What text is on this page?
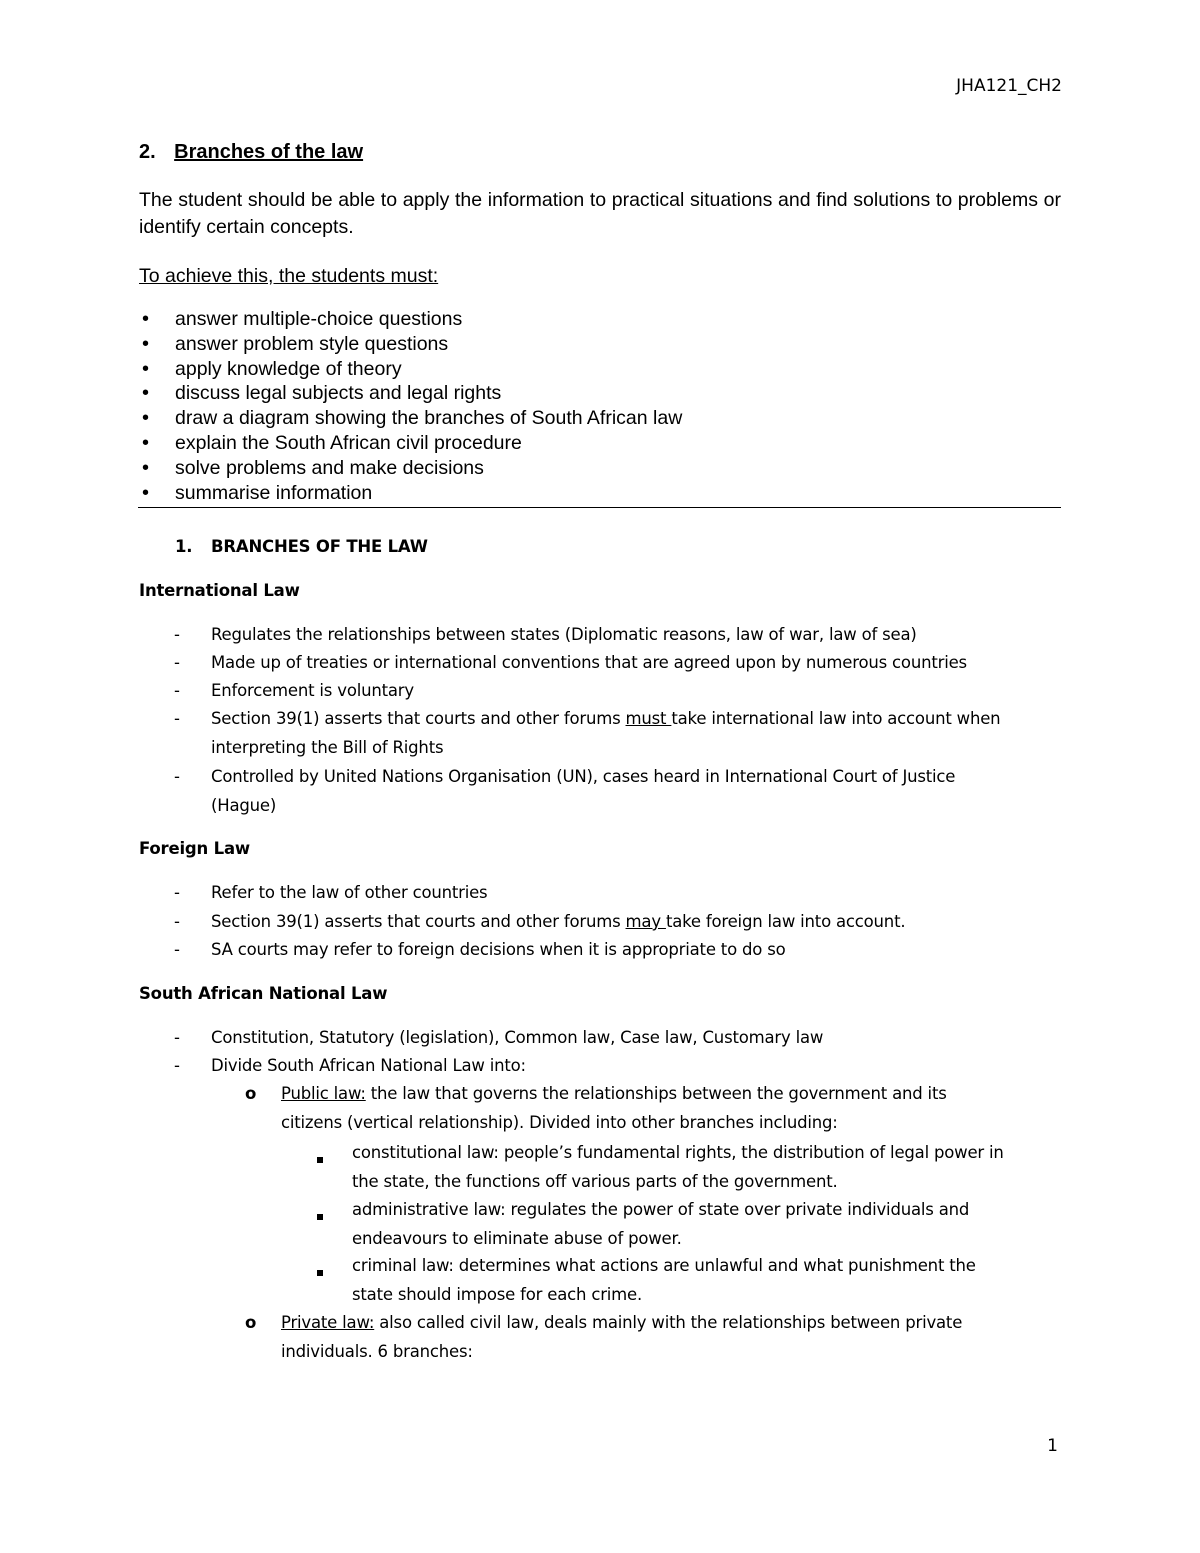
JHA121_CH2
2. Branches of the law
The student should be able to apply the information to practical situations and find solutions to problems or identify certain concepts.
To achieve this, the students must:
• answer multiple-choice questions
• answer problem style questions
• apply knowledge of theory
• discuss legal subjects and legal rights
• draw a diagram showing the branches of South African law
• explain the South African civil procedure
• solve problems and make decisions
• summarise information
1. BRANCHES OF THE LAW
International Law
- Regulates the relationships between states (Diplomatic reasons, law of war, law of sea)
- Made up of treaties or international conventions that are agreed upon by numerous countries
- Enforcement is voluntary
- Section 39(1) asserts that courts and other forums must take international law into account when
interpreting the Bill of Rights
- Controlled by United Nations Organisation (UN), cases heard in International Court of Justice
(Hague)
Foreign Law
- Refer to the law of other countries
- Section 39(1) asserts that courts and other forums may take foreign law into account.
- SA courts may refer to foreign decisions when it is appropriate to do so
South African National Law
- Constitution, Statutory (legislation), Common law, Case law, Customary law
- Divide South African National Law into:
o Public law: the law that governs the relationships between the government and its
citizens (vertical relationship). Divided into other branches including:
constitutional law: people’s fundamental rights, the distribution of legal power in
the state, the functions off various parts of the government.
administrative law: regulates the power of state over private individuals and
endeavours to eliminate abuse of power.
criminal law: determines what actions are unlawful and what punishment the
state should impose for each crime.
o Private law: also called civil law, deals mainly with the relationships between private
individuals. 6 branches:
1
